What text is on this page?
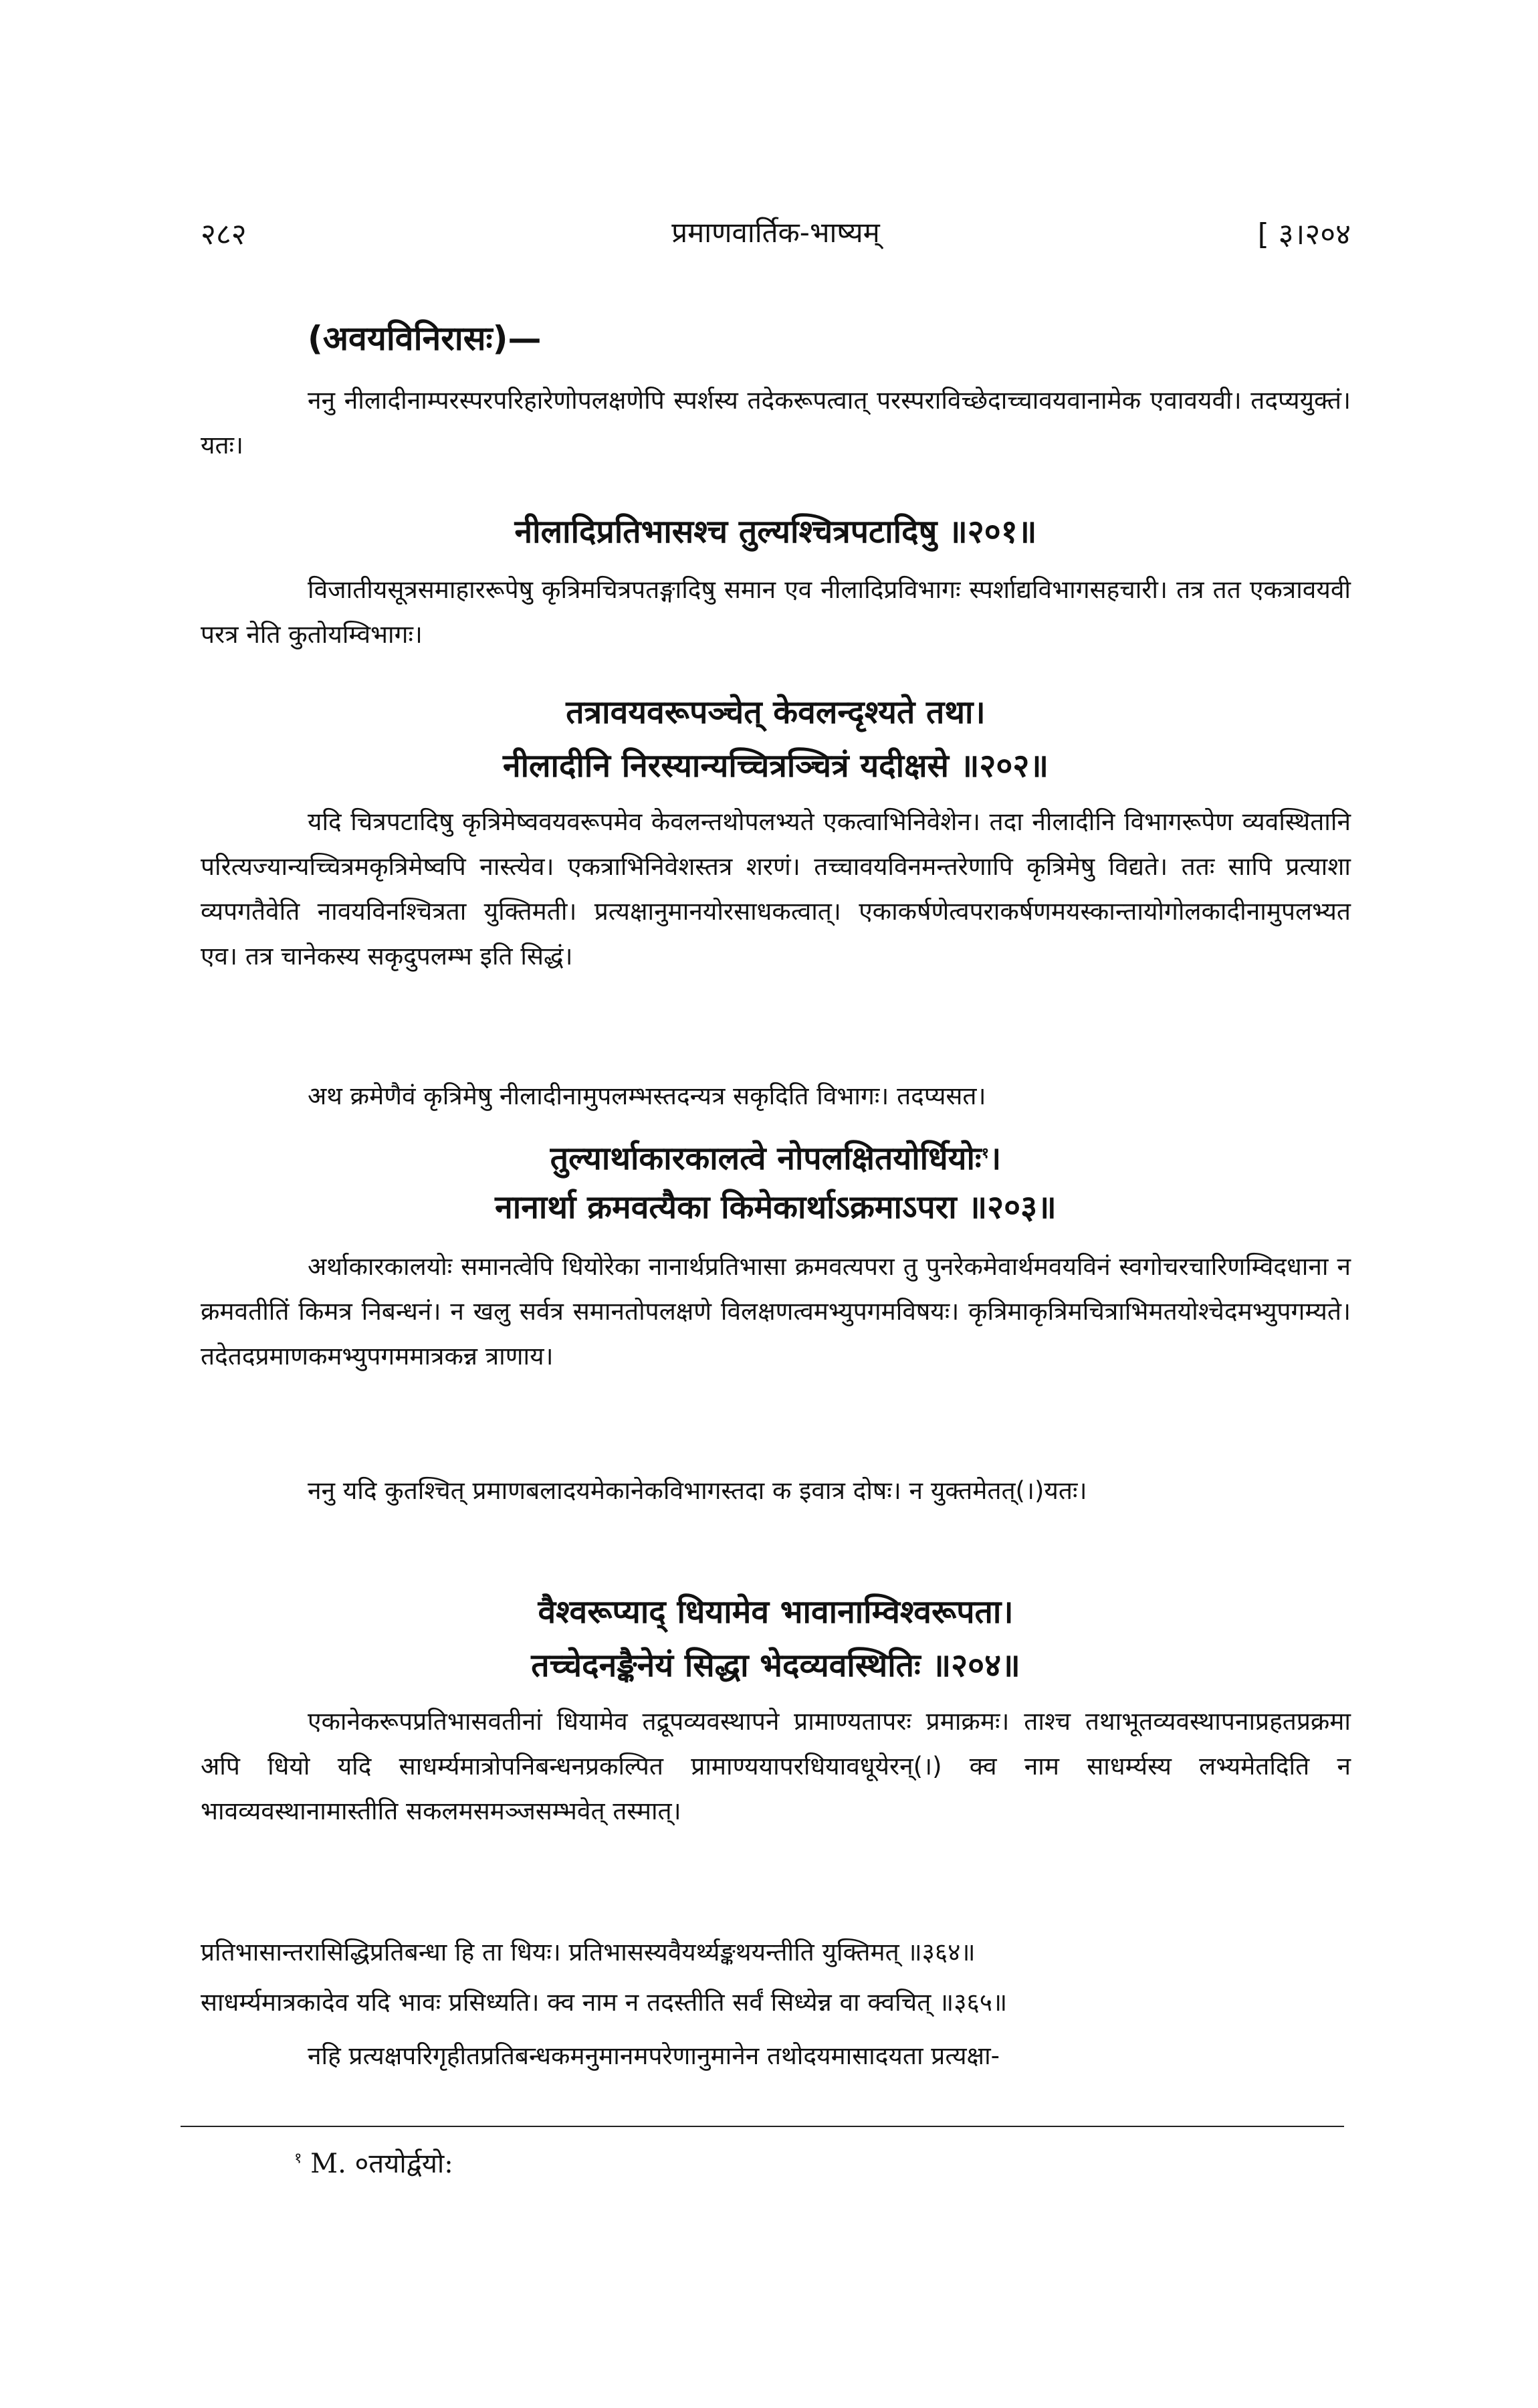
२८२	प्रमाणवार्तिक-भाष्यम्	[ ३।२०४
(अवयविनिरासः)—

ननु नीलादीनाम्परस्परपरिहारेणोपलक्षणेपि स्पर्शस्य तदेकरूपत्वात् परस्पराविच्छेदाच्चावयवानामेक एवावयवी। तदप्ययुक्तं। यतः।

नीलादिप्रतिभासश्च तुल्यश्चित्रपटादिषु ॥२०१॥

विजातीयसूत्रसमाहाररूपेषु कृत्रिमचित्रपतङ्गादिषु समान एव नीलादिप्रविभागः स्पर्शाद्यविभागसहचारी। तत्र तत एकत्रावयवी परत्र नेति कुतोयम्विभागः।

तत्रावयवरूपञ्चेत् केवलन्दृश्यते तथा।
नीलादीनि निरस्यान्यच्चित्रञ्चित्रं यदीक्षसे ॥२०२॥

यदि चित्रपटादिषु कृत्रिमेष्ववयवरूपमेव केवलन्तथोपलभ्यते एकत्वाभिनिवेशेन। तदा नीलादीनि विभागरूपेण व्यवस्थितानि परित्यज्यान्यच्चित्रमकृत्रिमेष्वपि नास्त्येव। एकत्राभिनिवेशस्तत्र शरणं। तच्चावयविनमन्तरेणापि कृत्रिमेषु विद्यते। ततः सापि प्रत्याशा व्यपगतैवेति नावयविनश्चित्रता युक्तिमती। प्रत्यक्षानुमानयोरसाधकत्वात्। एकाकर्षणेत्वपराकर्षणमयस्कान्तायोगोलकादीनामुपलभ्यत एव। तत्र चानेकस्य सकृदुपलम्भ इति सिद्धं।

अथ क्रमेणैवं कृत्रिमेषु नीलादीनामुपलम्भस्तदन्यत्र सकृदिति विभागः। तदप्यसत।

तुल्यार्थाकारकालत्वे नोपलक्षितयोर्धियोः$^१$।
नानार्था क्रमवत्यैका किमेकार्थाऽक्रमाऽपरा ॥२०३॥

अर्थाकारकालयोः समानत्वेपि धियोरेका नानार्थप्रतिभासा क्रमवत्यपरा तु पुनरेकमेवार्थमवयविनं स्वगोचरचारिणम्विदधाना न क्रमवतीतिं किमत्र निबन्धनं। न खलु सर्वत्र समानतोपलक्षणे विलक्षणत्वमभ्युपगमविषयः। कृत्रिमाकृत्रिमचित्राभिमतयोश्चेदमभ्युपगम्यते। तदेतदप्रमाणकमभ्युपगममात्रकन्न त्राणाय।

ननु यदि कुतश्चित् प्रमाणबलादयमेकानेकविभागस्तदा क इवात्र दोषः। न युक्तमेतत्(।)यतः।

वैश्वरूप्याद् धियामेव भावानाम्विश्वरूपता।
तच्चेदनङ्कैनेयं सिद्धा भेदव्यवस्थितिः ॥२०४॥

एकानेकरूपप्रतिभासवतीनां धियामेव तद्रूपव्यवस्थापने प्रामाण्यतापरः प्रमाक्रमः। ताश्च तथाभूतव्यवस्थापनाप्रहतप्रक्रमा अपि धियो यदि साधर्म्यमात्रोपनिबन्धनप्रकल्पित प्रामाण्ययापरधियावधूयेरन्(।) क्व नाम साधर्म्यस्य लभ्यमेतदिति न भावव्यवस्थानामास्तीति सकलमसमञ्जसम्भवेत् तस्मात्।

प्रतिभासान्तरासिद्धिप्रतिबन्धा हि ता धियः। प्रतिभासस्यवैयर्थ्यङ्कथयन्तीति युक्तिमत् ॥३६४॥
साधर्म्यमात्रकादेव यदि भावः प्रसिध्यति। क्व नाम न तदस्तीति सर्वं सिध्येन्न वा क्वचित् ॥३६५॥

नहि प्रत्यक्षपरिगृहीतप्रतिबन्धकमनुमानमपरेणानुमानेन तथोदयमासादयता प्रत्यक्षा-

$^१$ M. ०तयोर्द्वयो:
